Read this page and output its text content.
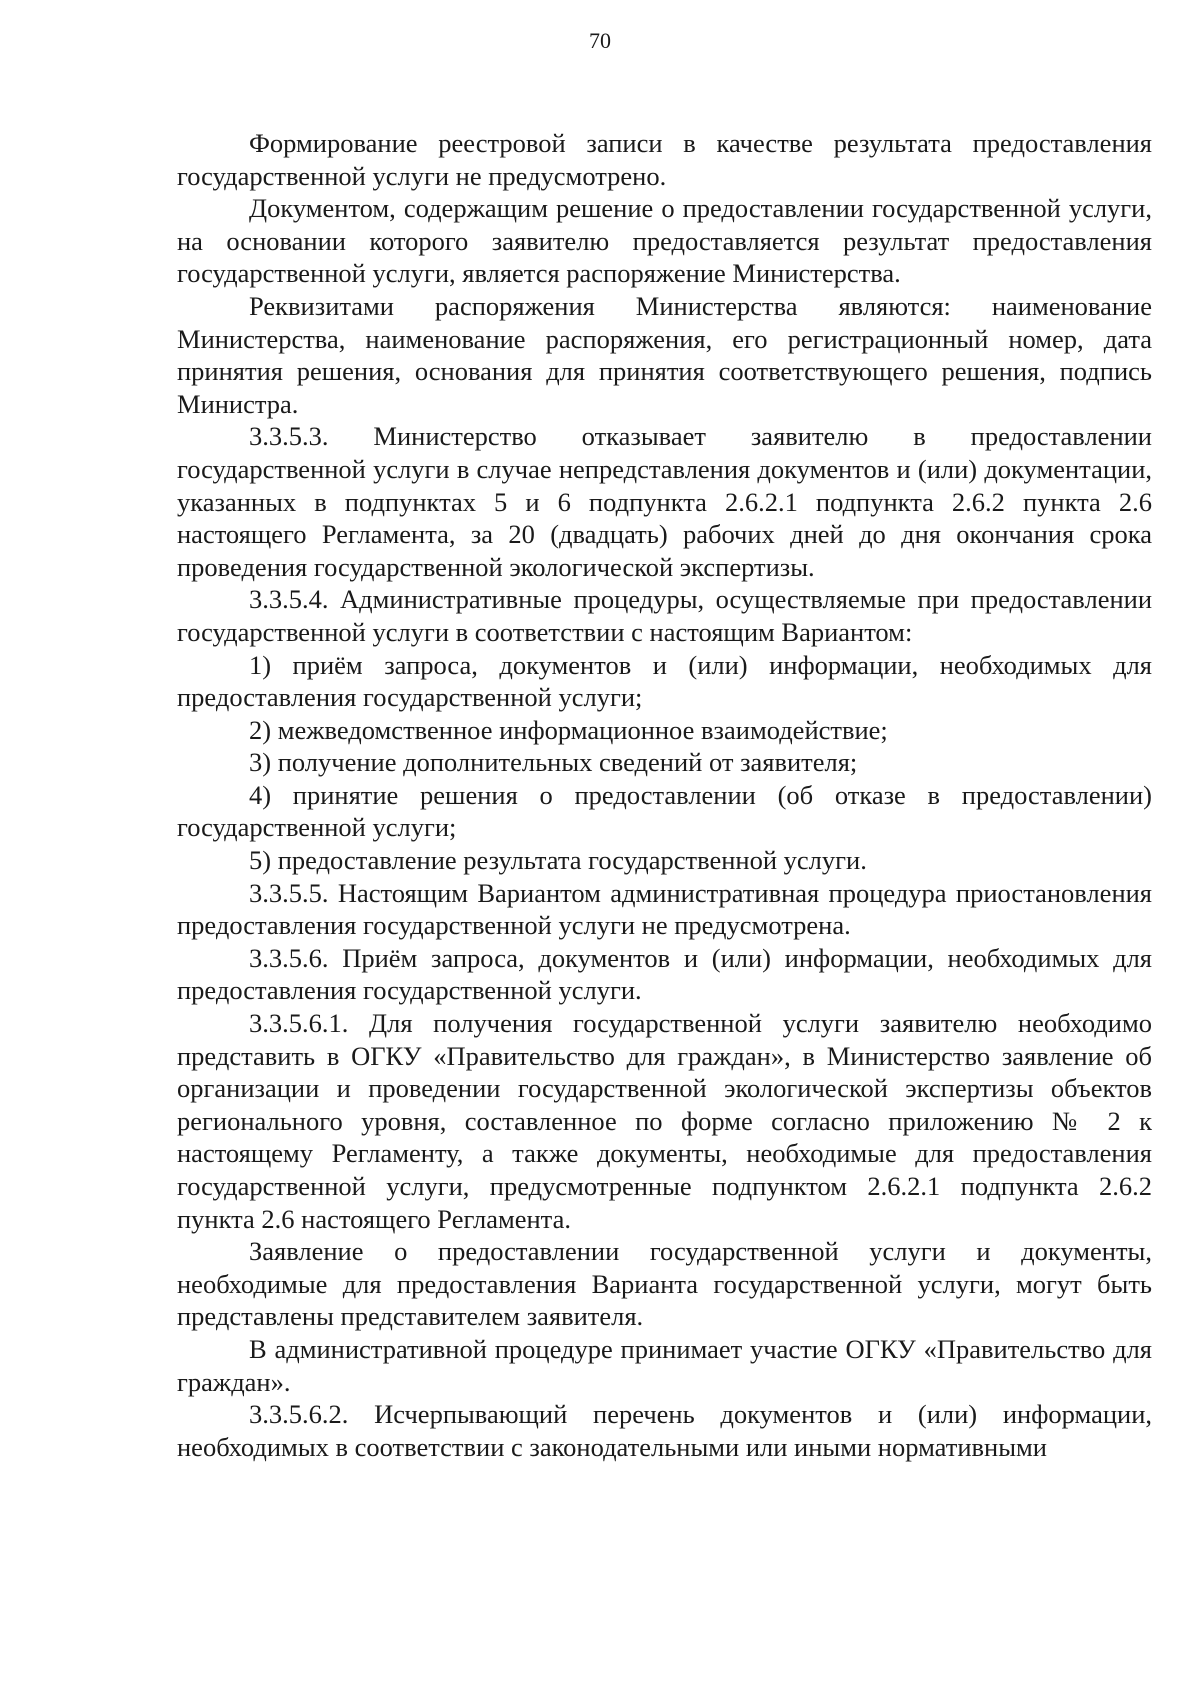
70

Формирование реестровой записи в качестве результата предоставления государственной услуги не предусмотрено.

Документом, содержащим решение о предоставлении государственной услуги, на основании которого заявителю предоставляется результат предоставления государственной услуги, является распоряжение Министерства.

Реквизитами распоряжения Министерства являются: наименование Министерства, наименование распоряжения, его регистрационный номер, дата принятия решения, основания для принятия соответствующего решения, подпись Министра.

3.3.5.3. Министерство отказывает заявителю в предоставлении государственной услуги в случае непредставления документов и (или) документации, указанных в подпунктах 5 и 6 подпункта 2.6.2.1 подпункта 2.6.2 пункта 2.6 настоящего Регламента, за 20 (двадцать) рабочих дней до дня окончания срока проведения государственной экологической экспертизы.

3.3.5.4. Административные процедуры, осуществляемые при предоставлении государственной услуги в соответствии с настоящим Вариантом:

1) приём запроса, документов и (или) информации, необходимых для предоставления государственной услуги;

2) межведомственное информационное взаимодействие;

3) получение дополнительных сведений от заявителя;

4) принятие решения о предоставлении (об отказе в предоставлении) государственной услуги;

5) предоставление результата государственной услуги.

3.3.5.5. Настоящим Вариантом административная процедура приостановления предоставления государственной услуги не предусмотрена.

3.3.5.6. Приём запроса, документов и (или) информации, необходимых для предоставления государственной услуги.

3.3.5.6.1. Для получения государственной услуги заявителю необходимо представить в ОГКУ «Правительство для граждан», в Министерство заявление об организации и проведении государственной экологической экспертизы объектов регионального уровня, составленное по форме согласно приложению № 2 к настоящему Регламенту, а также документы, необходимые для предоставления государственной услуги, предусмотренные подпунктом 2.6.2.1 подпункта 2.6.2 пункта 2.6 настоящего Регламента.

Заявление о предоставлении государственной услуги и документы, необходимые для предоставления Варианта государственной услуги, могут быть представлены представителем заявителя.

В административной процедуре принимает участие ОГКУ «Правительство для граждан».

3.3.5.6.2. Исчерпывающий перечень документов и (или) информации, необходимых в соответствии с законодательными или иными нормативными
